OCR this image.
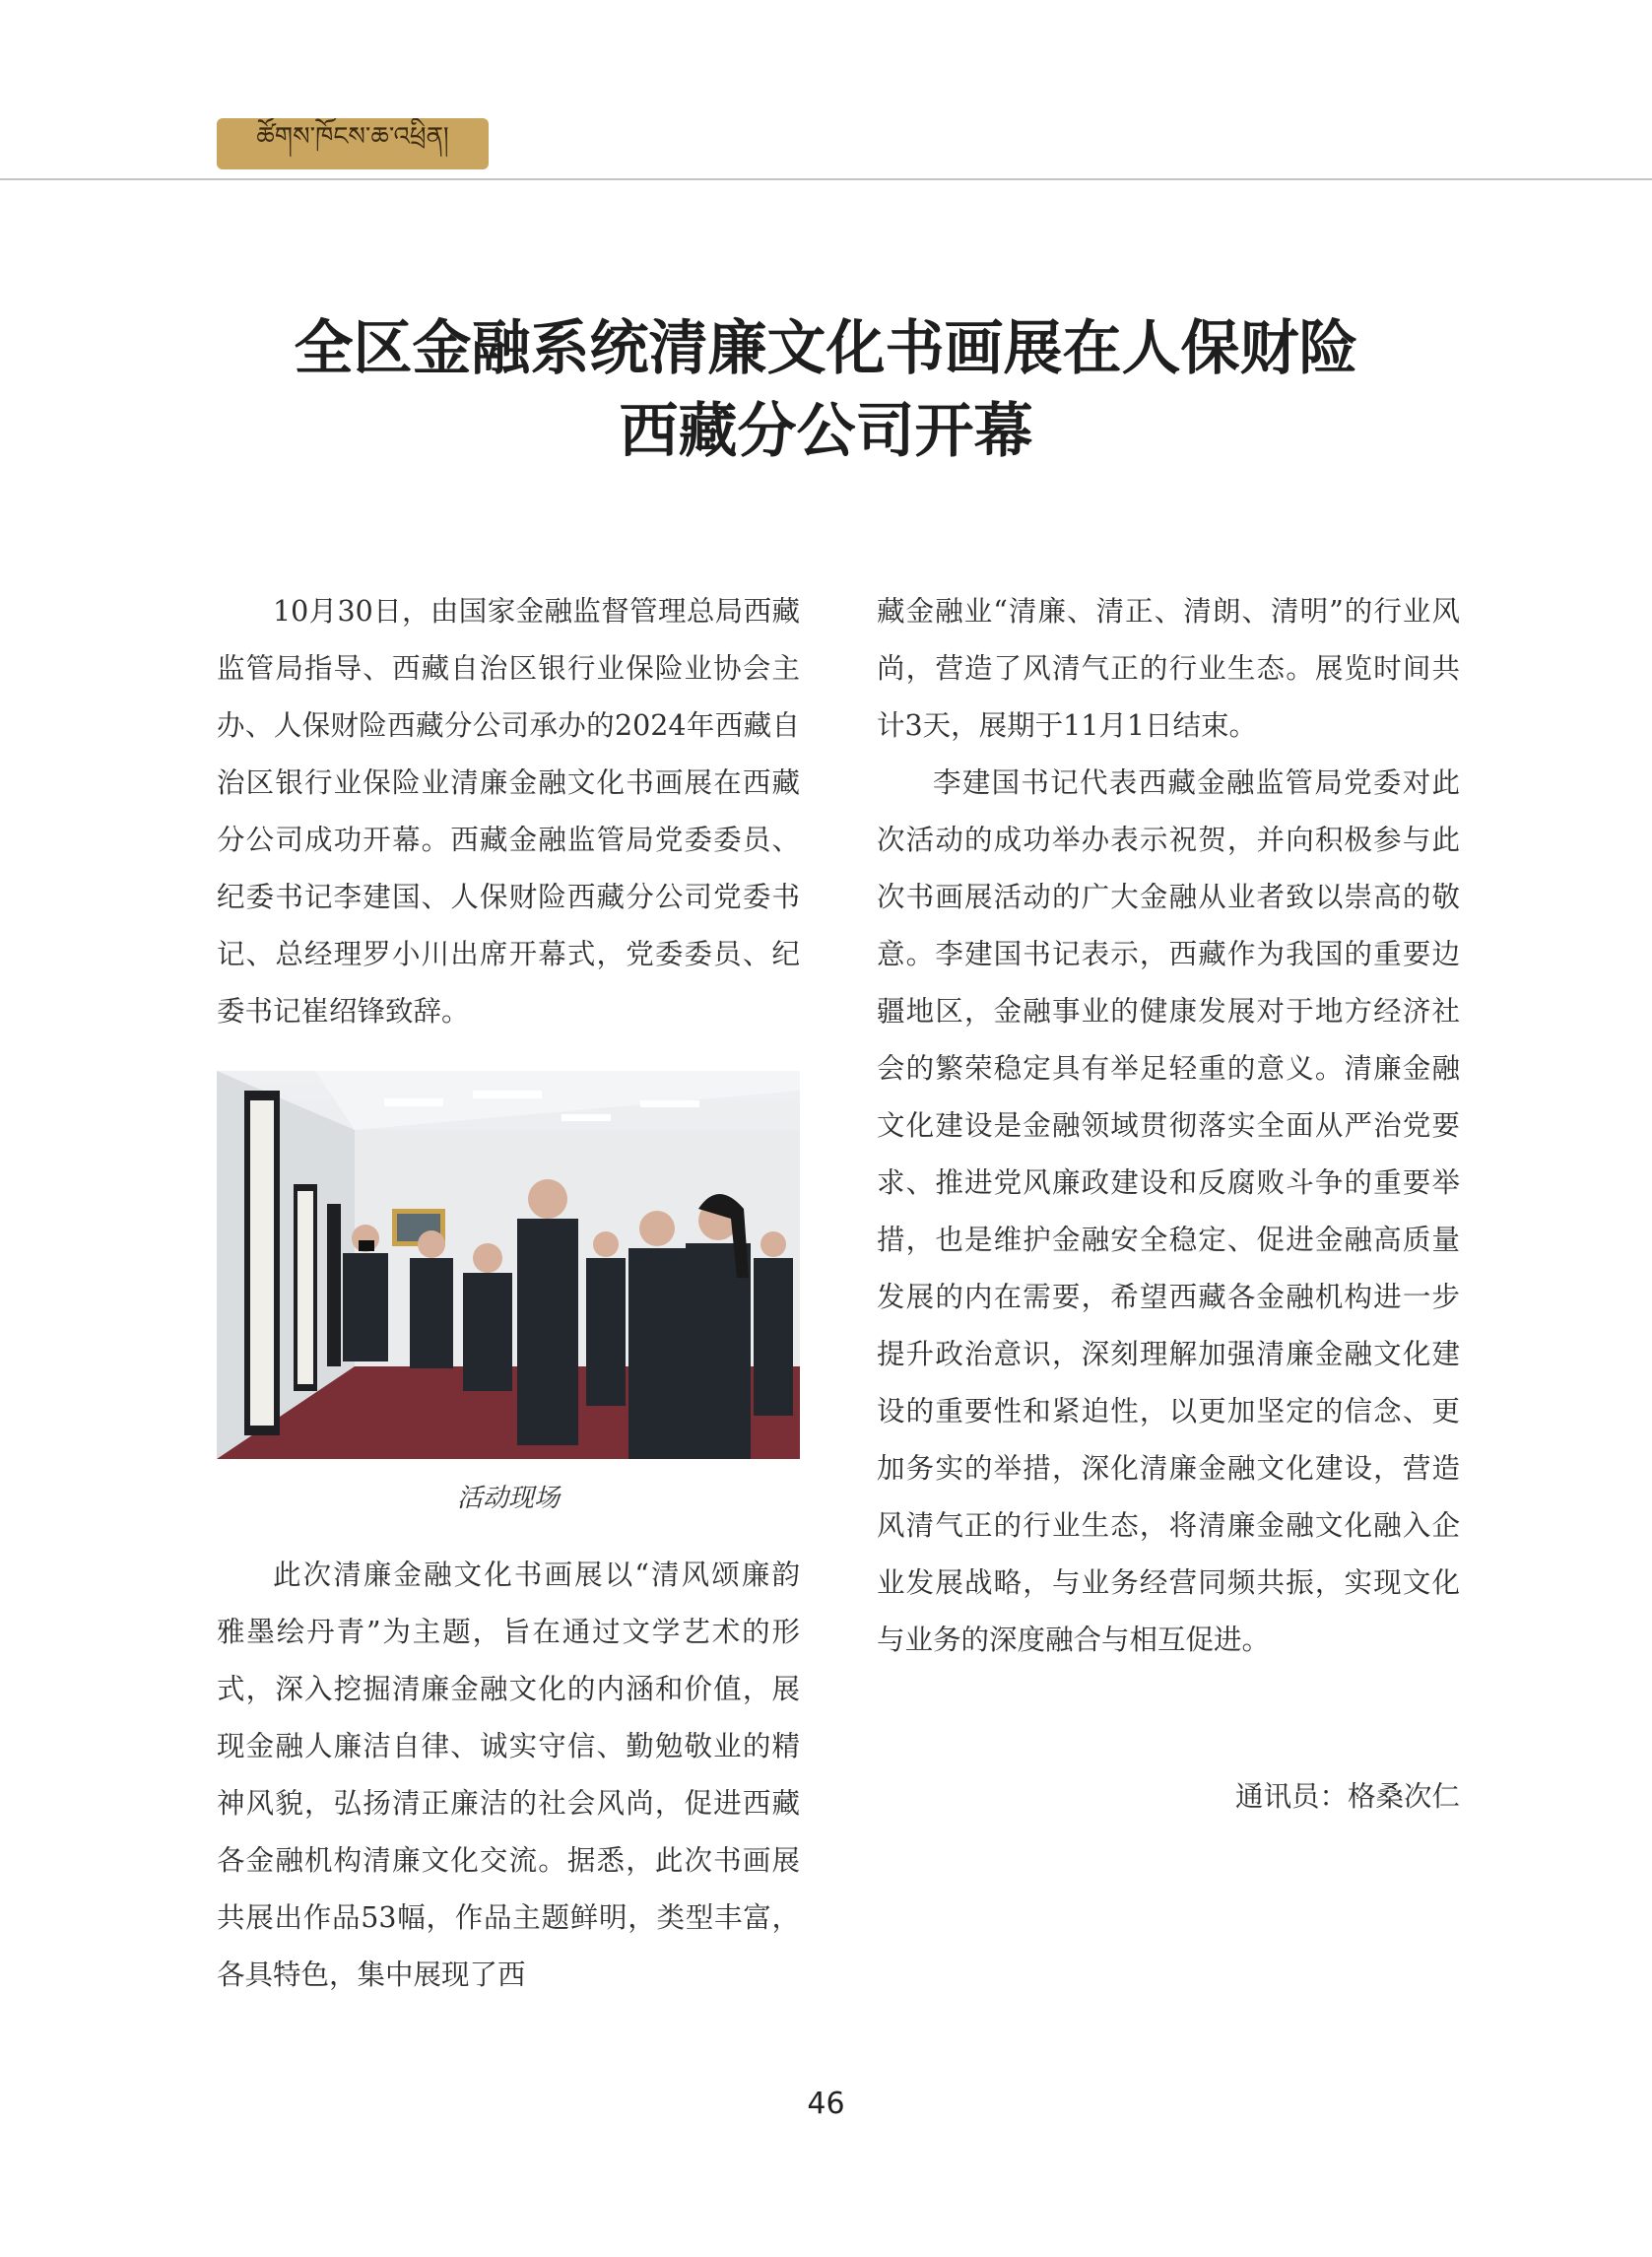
ཚོགས་ཁོངས་ཆ་འཕྲིན།
全区金融系统清廉文化书画展在人保财险
西藏分公司开幕

10月30日，由国家金融监督管理总局西藏监管局指导、西藏自治区银行业保险业协会主办、人保财险西藏分公司承办的2024年西藏自治区银行业保险业清廉金融文化书画展在西藏分公司成功开幕。西藏金融监管局党委委员、纪委书记李建国、人保财险西藏分公司党委书记、总经理罗小川出席开幕式，党委委员、纪委书记崔绍锋致辞。

活动现场

此次清廉金融文化书画展以“清风颂廉韵 雅墨绘丹青”为主题，旨在通过文学艺术的形式，深入挖掘清廉金融文化的内涵和价值，展现金融人廉洁自律、诚实守信、勤勉敬业的精神风貌，弘扬清正廉洁的社会风尚，促进西藏各金融机构清廉文化交流。据悉，此次书画展共展出作品53幅，作品主题鲜明，类型丰富，各具特色，集中展现了西

藏金融业“清廉、清正、清朗、清明”的行业风尚，营造了风清气正的行业生态。展览时间共计3天，展期于11月1日结束。

李建国书记代表西藏金融监管局党委对此次活动的成功举办表示祝贺，并向积极参与此次书画展活动的广大金融从业者致以崇高的敬意。李建国书记表示，西藏作为我国的重要边疆地区，金融事业的健康发展对于地方经济社会的繁荣稳定具有举足轻重的意义。清廉金融文化建设是金融领域贯彻落实全面从严治党要求、推进党风廉政建设和反腐败斗争的重要举措，也是维护金融安全稳定、促进金融高质量发展的内在需要，希望西藏各金融机构进一步提升政治意识，深刻理解加强清廉金融文化建设的重要性和紧迫性，以更加坚定的信念、更加务实的举措，深化清廉金融文化建设，营造风清气正的行业生态，将清廉金融文化融入企业发展战略，与业务经营同频共振，实现文化与业务的深度融合与相互促进。

通讯员：格桑次仁
46
